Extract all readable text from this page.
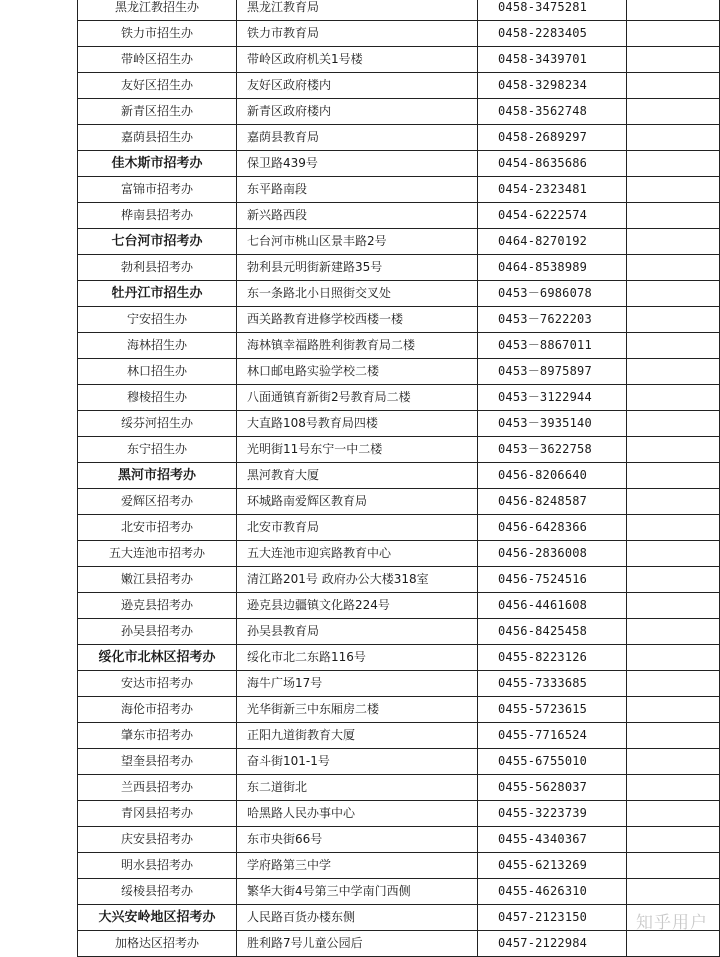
黑龙江教招生办	黑龙江教育局	0458-3475281	
铁力市招生办	铁力市教育局	0458-2283405	
带岭区招生办	带岭区政府机关1号楼	0458-3439701	
友好区招生办	友好区政府楼内	0458-3298234	
新青区招生办	新青区政府楼内	0458-3562748	
嘉荫县招生办	嘉荫县教育局	0458-2689297	
佳木斯市招考办	保卫路439号	0454-8635686	
富锦市招考办	东平路南段	0454-2323481	
桦南县招考办	新兴路西段	0454-6222574	
七台河市招考办	七台河市桃山区景丰路2号	0464-8270192	
勃利县招考办	勃利县元明街新建路35号	0464-8538989	
牡丹江市招生办	东一条路北小日照街交叉处	0453－6986078	
宁安招生办	西关路教育进修学校西楼一楼	0453－7622203	
海林招生办	海林镇幸福路胜利街教育局二楼	0453－8867011	
林口招生办	林口邮电路实验学校二楼	0453－8975897	
穆棱招生办	八面通镇育新街2号教育局二楼	0453－3122944	
绥芬河招生办	大直路108号教育局四楼	0453－3935140	
东宁招生办	光明街11号东宁一中二楼	0453－3622758	
黑河市招考办	黑河教育大厦	0456-8206640	
爱辉区招考办	环城路南爱辉区教育局	0456-8248587	
北安市招考办	北安市教育局	0456-6428366	
五大连池市招考办	五大连池市迎宾路教育中心	0456-2836008	
嫩江县招考办	清江路201号 政府办公大楼318室	0456-7524516	
逊克县招考办	逊克县边疆镇文化路224号	0456-4461608	
孙吴县招考办	孙吴县教育局	0456-8425458	
绥化市北林区招考办	绥化市北二东路116号	0455-8223126	
安达市招考办	海牛广场17号	0455-7333685	
海伦市招考办	光华街新三中东厢房二楼	0455-5723615	
肇东市招考办	正阳九道街教育大厦	0455-7716524	
望奎县招考办	奋斗街101-1号	0455-6755010	
兰西县招考办	东二道街北	0455-5628037	
青冈县招考办	哈黑路人民办事中心	0455-3223739	
庆安县招考办	东市央街66号	0455-4340367	
明水县招考办	学府路第三中学	0455-6213269	
绥棱县招考办	繁华大街4号第三中学南门西侧	0455-4626310	
大兴安岭地区招考办	人民路百货办楼东侧	0457-2123150	
加格达区招考办	胜利路7号儿童公园后	0457-2122984	
知乎用户
